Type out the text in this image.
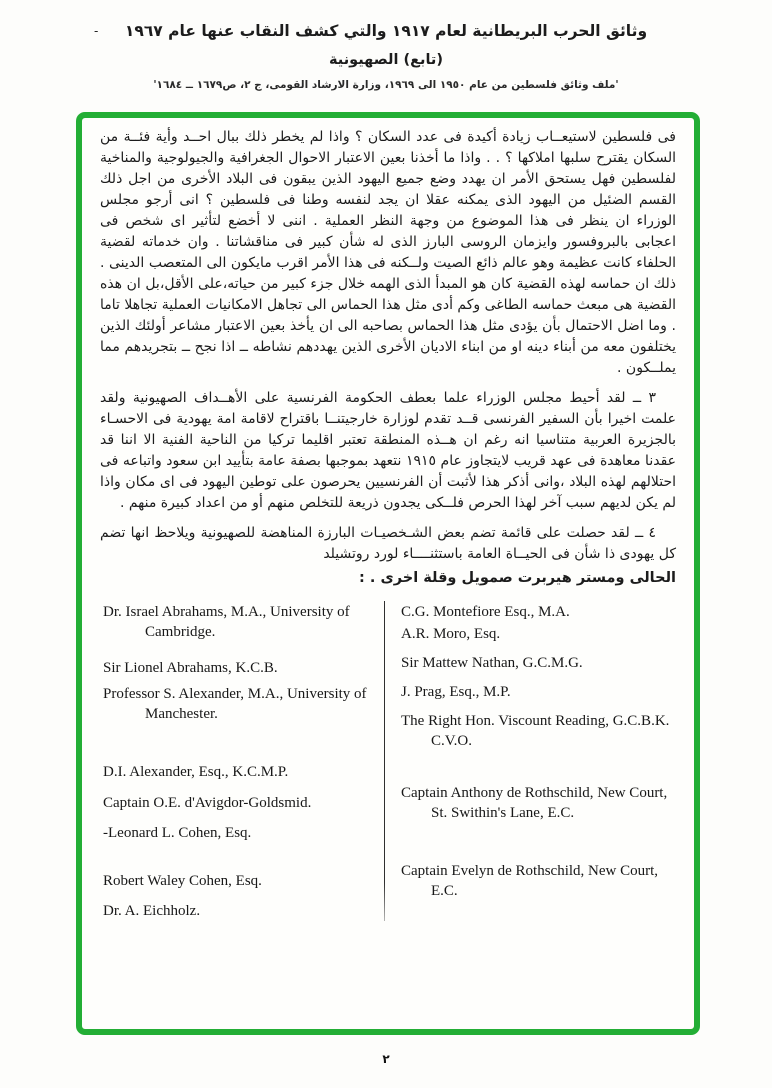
-	وثائق الحرب البريطانية لعام ١٩١٧ والتي كشف النقاب عنها عام ١٩٦٧
(تابع) الصهيونية
'ملف وثائق فلسطين من عام ١٩٥٠ الى ١٩٦٩، وزارة الارشاد القومى، ج ٢، ص١٦٧٩ ــ ١٦٨٤'

فى فلسطين لاستيعــاب زيادة أكيدة فى عدد السكان ؟ واذا لم يخطر ذلك ببال احــد وأية فئــة من السكان يقترح سلبها املاكها ؟ . . واذا ما أخذنا بعين الاعتبار الاحوال الجغرافية والجيولوجية والمناخية لفلسطين فهل يستحق الأمر ان يهدد وضع جميع اليهود الذين يبقون فى البلاد الأخرى من اجل ذلك القسم الضئيل من اليهود الذى يمكنه عقلا ان يجد لنفسه وطنا فى فلسطين ؟ انى أرجو مجلس الوزراء ان ينظر فى هذا الموضوع من وجهة النظر العملية . اننى لا أخضع لتأثير اى شخص فى اعجابى بالبروفسور وايزمان الروسى البارز الذى له شأن كبير فى مناقشاتنا . وان خدماته لقضية الحلفاء كانت عظيمة وهو عالم ذائع الصيت ولــكنه فى هذا الأمر اقرب مايكون الى المتعصب الدينى . ذلك ان حماسه لهذه القضية كان هو المبدأ الذى الهمه خلال جزء كبير من حياته،على الأقل،بل ان هذه القضية هى مبعث حماسه الطاغى وكم أدى مثل هذا الحماس الى تجاهل الامكانيات العملية تجاهلا تاما . وما اضل الاحتمال بأن يؤدى مثل هذا الحماس بصاحبه الى ان يأخذ بعين الاعتبار مشاعر أولئك الذين يختلفون معه من أبناء دينه او من ابناء الاديان الأخرى الذين يهددهم نشاطه ــ اذا نجح ــ بتجريدهم مما يملــكون .

٣ ــ لقد أحيط مجلس الوزراء علما بعطف الحكومة الفرنسية على الأهــداف الصهيونية ولقد علمت اخيرا بأن السفير الفرنسى قــد تقدم لوزارة خارجيتنــا باقتراح لاقامة امة يهودية فى الاحسـاء بالجزيرة العربية متناسيا انه رغم ان هــذه المنطقة تعتبر اقليما تركيا من الناحية الفنية الا اننا قد عقدنا معاهدة فى عهد قريب لايتجاوز عام ١٩١٥ نتعهد بموجبها بصفة عامة بتأييد ابن سعود واتباعه فى احتلالهم لهذه البلاد ،وانى أذكر هذا لأثبت أن الفرنسيين يحرصون على توطين اليهود فى اى مكان واذا لم يكن لديهم سبب آخر لهذا الحرص فلــكى يجدون ذريعة للتخلص منهم أو من اعداد كبيرة منهم .

٤ ــ لقد حصلت على قائمة تضم بعض الشـخصيـات البارزة المناهضة للصهيونية ويلاحظ انها تضم كل يهودى ذا شأن فى الحيــاة العامة باستثنــــاء لورد روتشيلد

الحالى ومستر هيربرت صمويل وقلة اخرى . :

Dr. Israel Abrahams, M.A., University of Cambridge.

Sir Lionel Abrahams, K.C.B.

Professor S. Alexander, M.A., University of Manchester.

D.I. Alexander, Esq., K.C.M.P.

Captain O.E. d'Avigdor-Goldsmid.

-Leonard L. Cohen, Esq.

Robert Waley Cohen, Esq.

Dr. A. Eichholz.

C.G. Montefiore Esq., M.A.

A.R. Moro, Esq.

Sir Mattew Nathan, G.C.M.G.

J. Prag, Esq., M.P.

The Right Hon. Viscount Reading, G.C.B.K. C.V.O.

Captain Anthony de Rothschild, New Court, St. Swithin's Lane, E.C.

Captain Evelyn de Rothschild, New Court, E.C.

٢
